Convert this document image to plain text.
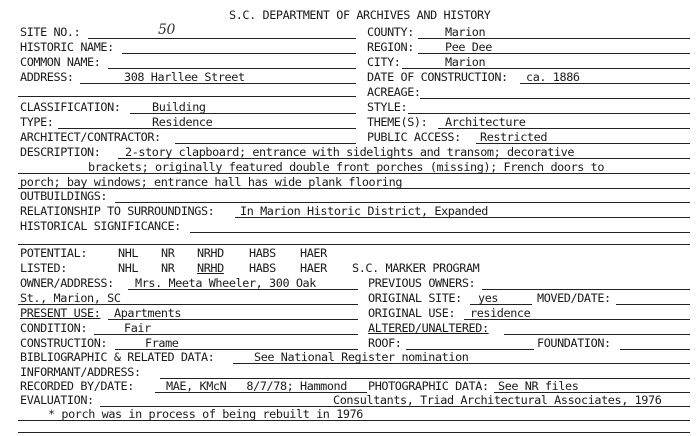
S.C. DEPARTMENT OF ARCHIVES AND HISTORY
SITE NO.:	50	COUNTY:	Marion
HISTORIC NAME:	REGION:	Pee Dee
COMMON NAME:	CITY:	Marion
ADDRESS:	308 Harllee Street	DATE OF CONSTRUCTION: ca. 1886
ACREAGE:
CLASSIFICATION:	Building	STYLE:
TYPE:	Residence	THEME(S): Architecture
ARCHITECT/CONTRACTOR:	PUBLIC ACCESS: Restricted
DESCRIPTION: 2-story clapboard; entrance with sidelights and transom; decorative
brackets; originally featured double front porches (missing); French doors to
porch; bay windows; entrance hall has wide plank flooring
OUTBUILDINGS:
RELATIONSHIP TO SURROUNDINGS: In Marion Historic District, Expanded
HISTORICAL SIGNIFICANCE:
POTENTIAL:	NHL NR NRHD HABS HAER
LISTED:	NHL NR NRHD HABS HAER S.C. MARKER PROGRAM
OWNER/ADDRESS: Mrs. Meeta Wheeler, 300 Oak	PREVIOUS OWNERS:
St., Marion, SC	ORIGINAL SITE: yes	MOVED/DATE:
PRESENT USE: Apartments	ORIGINAL USE: residence
CONDITION:	Fair	ALTERED/UNALTERED:
CONSTRUCTION:	Frame	ROOF:	FOUNDATION:
BIBLIOGRAPHIC & RELATED DATA:	See National Register nomination
INFORMANT/ADDRESS:
RECORDED BY/DATE:	MAE, KMcN   8/7/78; Hammond PHOTOGRAPHIC DATA: See NR files
EVALUATION:	Consultants, Triad Architectural Associates, 1976
* porch was in process of being rebuilt in 1976
